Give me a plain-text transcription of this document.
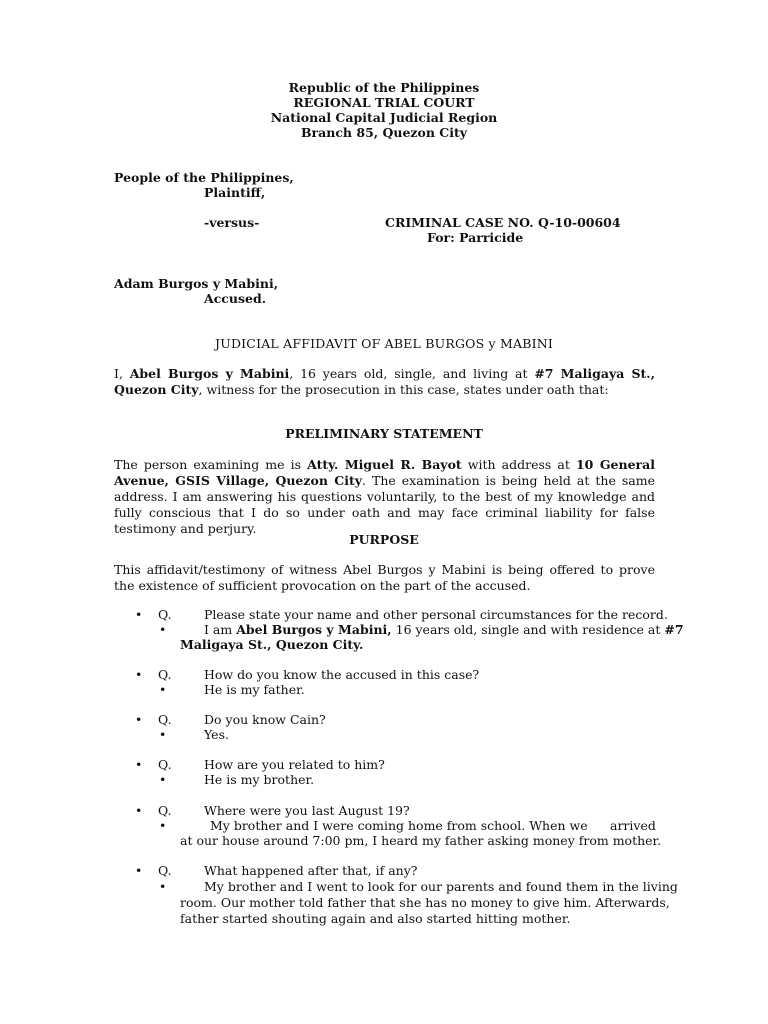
Republic of the Philippines
REGIONAL TRIAL COURT
National Capital Judicial Region
Branch 85, Quezon City
People of the Philippines,
Plaintiff,
-versus-	CRIMINAL CASE NO. Q-10-00604
For: Parricide
Adam Burgos y Mabini,
Accused.
JUDICIAL AFFIDAVIT OF ABEL BURGOS y MABINI
I, Abel Burgos y Mabini, 16 years old, single, and living at #7 Maligaya St., Quezon City, witness for the prosecution in this case, states under oath that:
PRELIMINARY STATEMENT
The person examining me is Atty. Miguel R. Bayot with address at 10 General Avenue, GSIS Village, Quezon City. The examination is being held at the same address. I am answering his questions voluntarily, to the best of my knowledge and fully conscious that I do so under oath and may face criminal liability for false testimony and perjury.
PURPOSE
This affidavit/testimony of witness Abel Burgos y Mabini is being offered to prove the existence of sufficient provocation on the part of the accused.
• Q.	Please state your name and other personal circumstances for the record.
•	I am Abel Burgos y Mabini, 16 years old, single and with residence at #7
Maligaya St., Quezon City.
• Q.	How do you know the accused in this case?
•	He is my father.
• Q.	Do you know Cain?
•	Yes.
• Q.	How are you related to him?
•	He is my brother.
• Q.	Where were you last August 19?
•	My brother and I were coming home from school. When we arrived
at our house around 7:00 pm, I heard my father asking money from mother.
• Q.	What happened after that, if any?
•	My brother and I went to look for our parents and found them in the living
room. Our mother told father that she has no money to give him. Afterwards,
father started shouting again and also started hitting mother.
